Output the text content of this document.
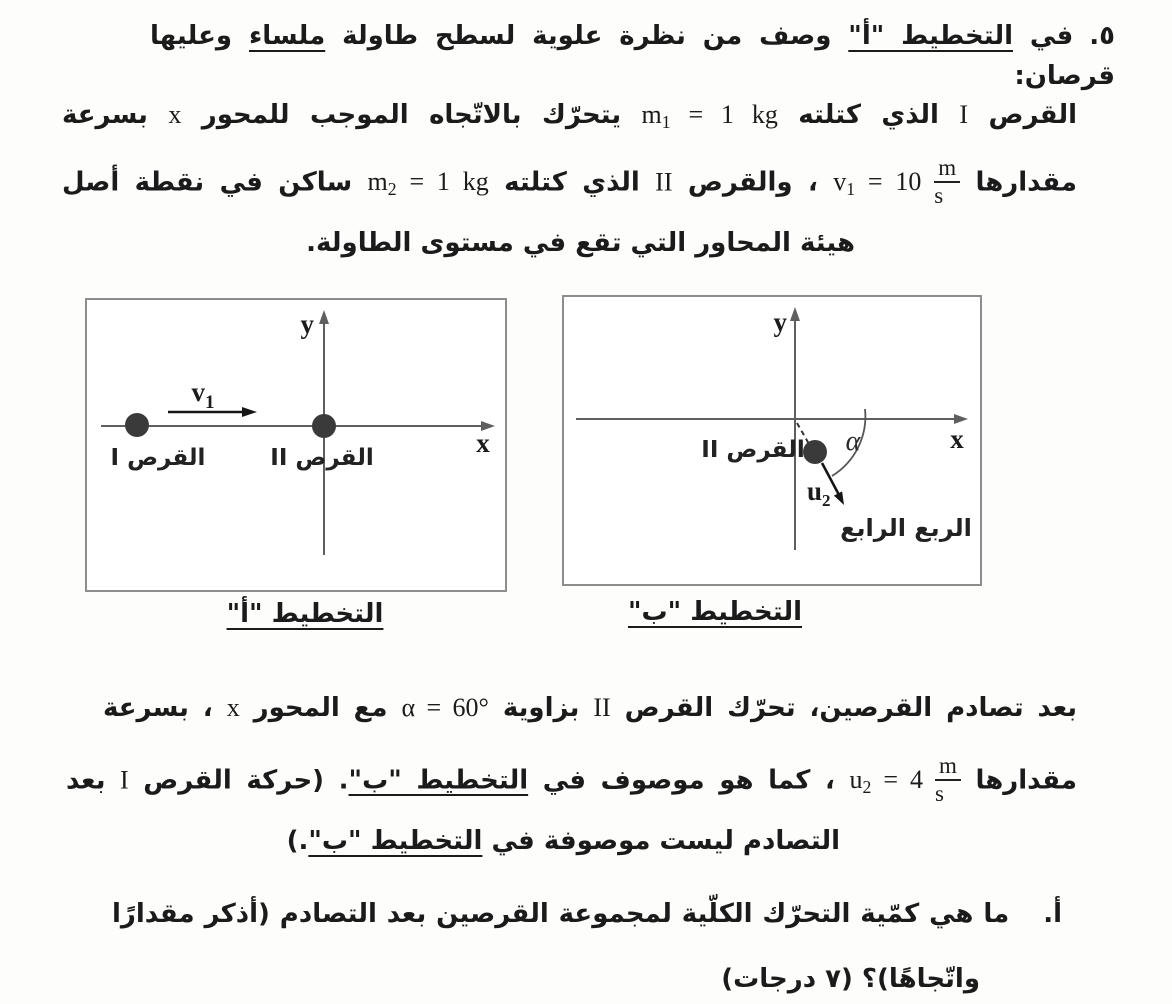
٥.في التخطيط "أ" وصف من نظرة علوية لسطح طاولة ملساء وعليها قرصان:
القرص I الذي كتلته $m_1 = 1$ kg يتحرّك بالاتّجاه الموجب للمحور x بسرعة
مقدارها $v_1 = 10 \frac{m}{s}$
، والقرص II الذي كتلته $m_2 = 1$ kg ساكن في نقطة أصل
هيئة المحاور التي تقع في مستوى الطاولة.
y
x
$v_1$
القرص I	القرص II
التخطيط "أ"
y
x
α
$u_2$
القرص II
الربع الرابع
التخطيط "ب"
بعد تصادم القرصين، تحرّك القرص II بزاوية α = 60° مع المحور x ، بسرعة
مقدارها $u_2 = 4 \frac{m}{s}$
، كما هو موصوف في التخطيط "ب". (حركة القرص I بعد
التصادم ليست موصوفة في التخطيط "ب".)
أ.ما هي كمّية التحرّك الكلّية لمجموعة القرصين بعد التصادم (أذكر مقدارًا
واتّجاهًا)؟ (٧ درجات)
